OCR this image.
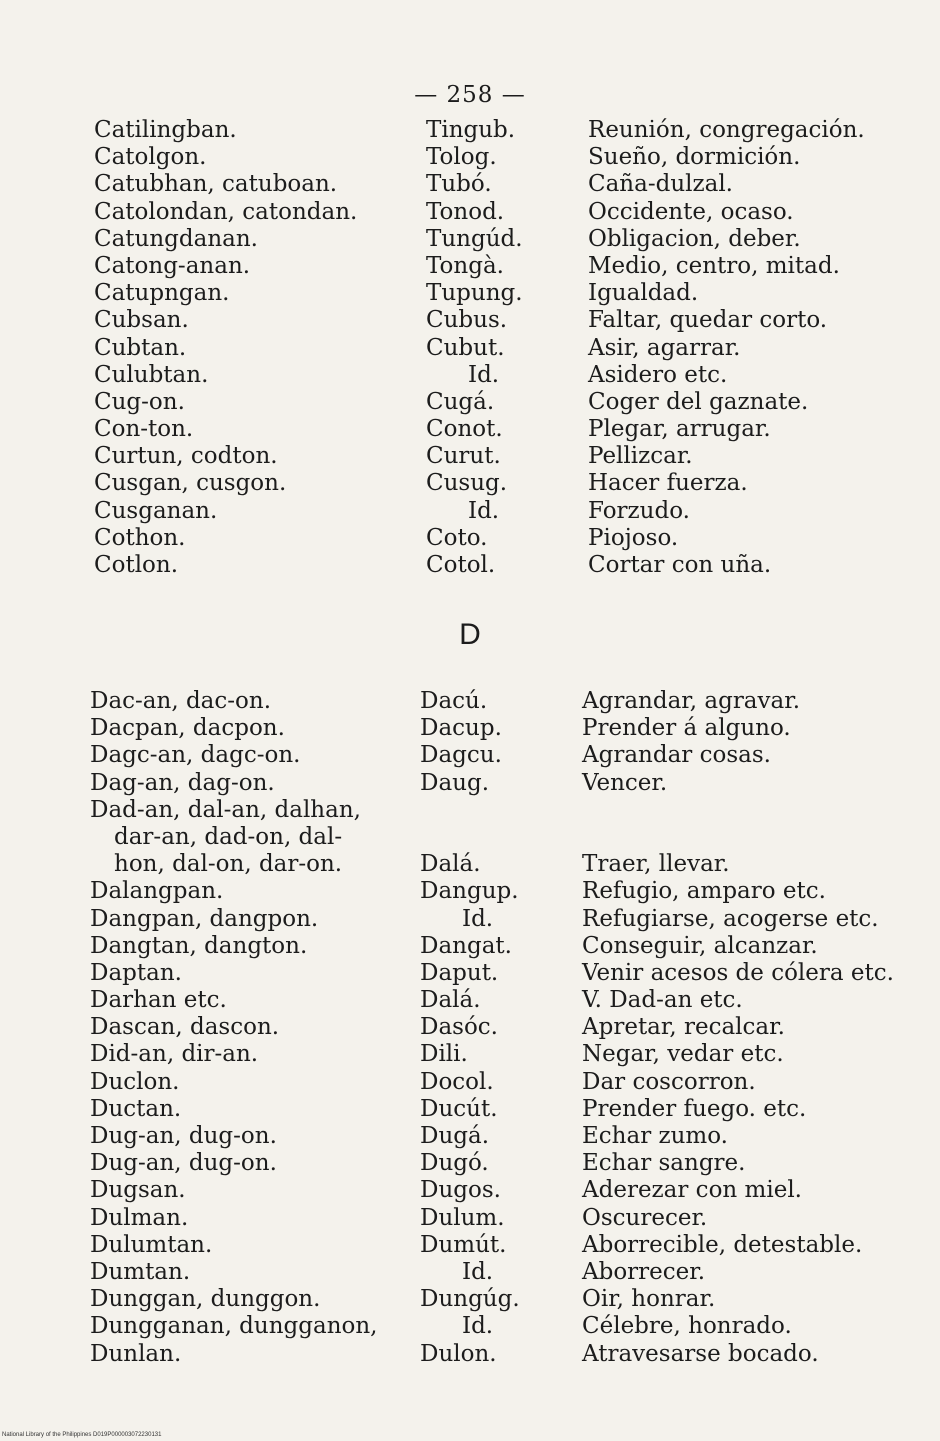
— 258 —
Catilingban.	Tingub.	Reunión, congregación.
Catolgon.	Tolog.	Sueño, dormición.
Catubhan, catuboan.	Tubó.	Caña-dulzal.
Catolondan, catondan.	Tonod.	Occidente, ocaso.
Catungdanan.	Tungúd.	Obligacion, deber.
Catong-anan.	Tongà.	Medio, centro, mitad.
Catupngan.	Tupung.	Igualdad.
Cubsan.	Cubus.	Faltar, quedar corto.
Cubtan.	Cubut.	Asir, agarrar.
Culubtan.	Id.	Asidero etc.
Cug-on.	Cugá.	Coger del gaznate.
Con-ton.	Conot.	Plegar, arrugar.
Curtun, codton.	Curut.	Pellizcar.
Cusgan, cusgon.	Cusug.	Hacer fuerza.
Cusganan.	Id.	Forzudo.
Cothon.	Coto.	Piojoso.
Cotlon.	Cotol.	Cortar con uña.
D
Dac-an, dac-on.	Dacú.	Agrandar, agravar.
Dacpan, dacpon.	Dacup.	Prender á alguno.
Dagc-an, dagc-on.	Dagcu.	Agrandar cosas.
Dag-an, dag-on.	Daug.	Vencer.
Dad-an, dal-an, dalhan,
dar-an, dad-on, dal-
hon, dal-on, dar-on.	Dalá.	Traer, llevar.
Dalangpan.	Dangup.	Refugio, amparo etc.
Dangpan, dangpon.	Id.	Refugiarse, acogerse etc.
Dangtan, dangton.	Dangat.	Conseguir, alcanzar.
Daptan.	Daput.	Venir acesos de cólera etc.
Darhan etc.	Dalá.	V. Dad-an etc.
Dascan, dascon.	Dasóc.	Apretar, recalcar.
Did-an, dir-an.	Dili.	Negar, vedar etc.
Duclon.	Docol.	Dar coscorron.
Ductan.	Ducút.	Prender fuego. etc.
Dug-an, dug-on.	Dugá.	Echar zumo.
Dug-an, dug-on.	Dugó.	Echar sangre.
Dugsan.	Dugos.	Aderezar con miel.
Dulman.	Dulum.	Oscurecer.
Dulumtan.	Dumút.	Aborrecible, detestable.
Dumtan.	Id.	Aborrecer.
Dunggan, dunggon.	Dungúg.	Oir, honrar.
Dungganan, dungganon,	Id.	Célebre, honrado.
Dunlan.	Dulon.	Atravesarse bocado.
National Library of the Philippines D019P000003072230131
